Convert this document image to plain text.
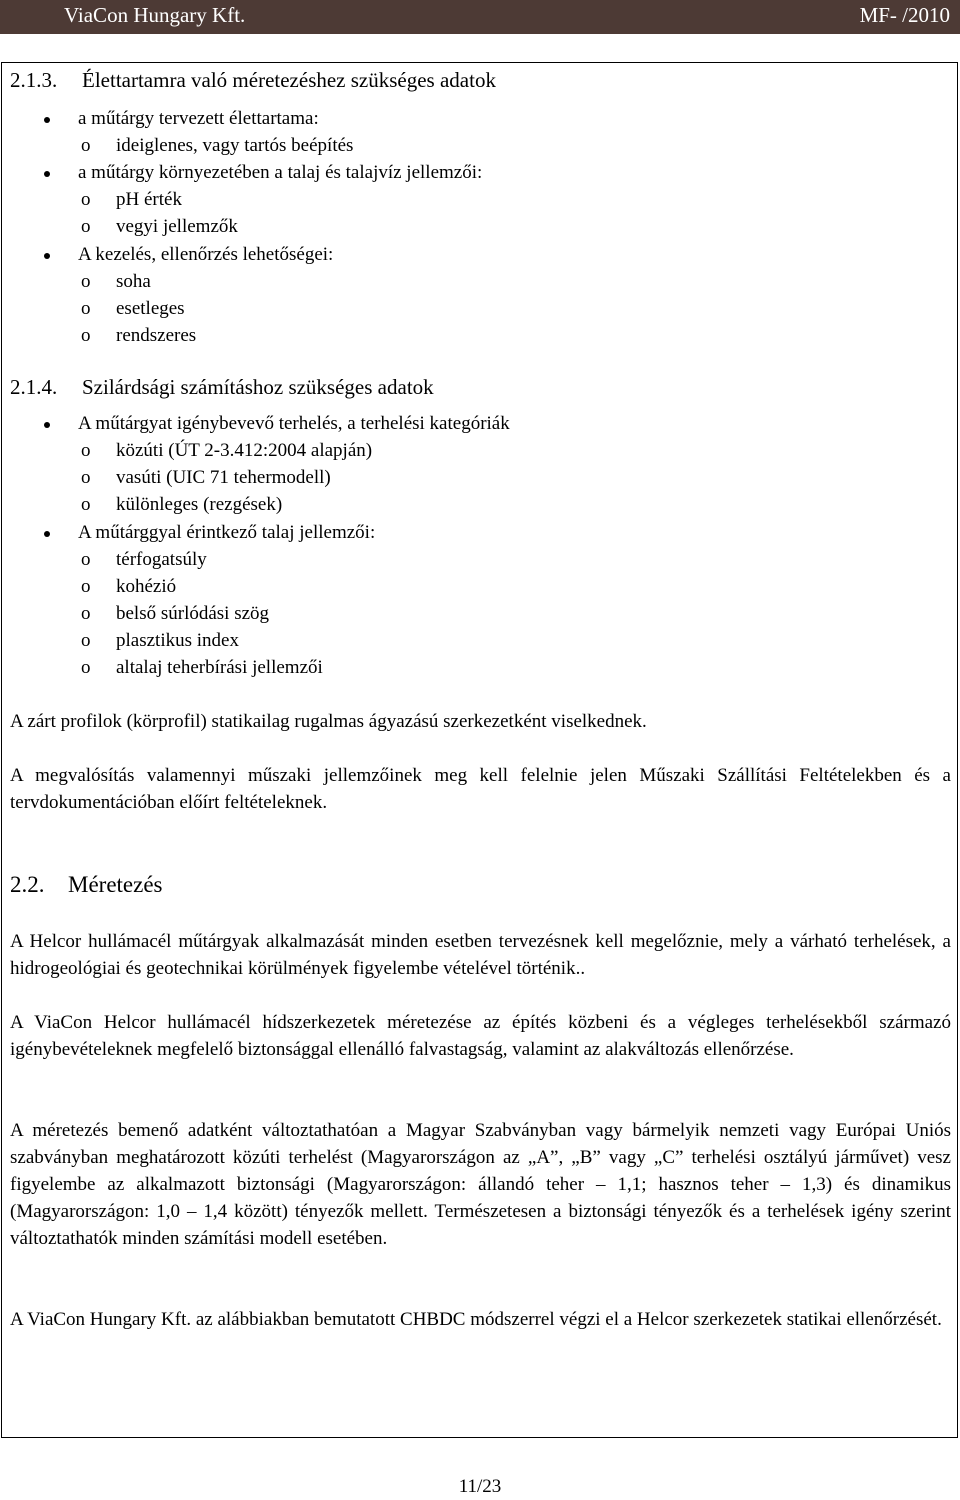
ViaCon Hungary Kft.	MF- /2010
2.1.3. Élettartamra való méretezéshez szükséges adatok
a műtárgy tervezett élettartama:
o ideiglenes, vagy tartós beépítés
a műtárgy környezetében a talaj és talajvíz jellemzői:
o pH érték
o vegyi jellemzők
A kezelés, ellenőrzés lehetőségei:
o soha
o esetleges
o rendszeres
2.1.4. Szilárdsági számításhoz szükséges adatok
A műtárgyat igénybevevő terhelés, a terhelési kategóriák
o közúti (ÚT 2-3.412:2004 alapján)
o vasúti (UIC 71 tehermodell)
o különleges (rezgések)
A műtárggyal érintkező talaj jellemzői:
o térfogatsúly
o kohézió
o belső súrlódási szög
o plasztikus index
o altalaj teherbírási jellemzői
A zárt profilok (körprofil) statikailag rugalmas ágyazású szerkezetként viselkednek.
A megvalósítás valamennyi műszaki jellemzőinek meg kell felelnie jelen Műszaki Szállítási Feltételekben és a tervdokumentációban előírt feltételeknek.
2.2. Méretezés
A Helcor hullámacél műtárgyak alkalmazását minden esetben tervezésnek kell megelőznie, mely a várható terhelések, a hidrogeológiai és geotechnikai körülmények figyelembe vételével történik..
A ViaCon Helcor hullámacél hídszerkezetek méretezése az építés közbeni és a végleges terhelésekből származó igénybevételeknek megfelelő biztonsággal ellenálló falvastagság, valamint az alakváltozás ellenőrzése.
A méretezés bemenő adatként változtathatóan a Magyar Szabványban vagy bármelyik nemzeti vagy Európai Uniós szabványban meghatározott közúti terhelést (Magyarországon az „A”, „B” vagy „C” terhelési osztályú járművet) vesz figyelembe az alkalmazott biztonsági (Magyarországon: állandó teher – 1,1; hasznos teher – 1,3) és dinamikus (Magyarországon: 1,0 – 1,4 között) tényezők mellett. Természetesen a biztonsági tényezők és a terhelések igény szerint változtathatók minden számítási modell esetében.
A ViaCon Hungary Kft. az alábbiakban bemutatott CHBDC módszerrel végzi el a Helcor szerkezetek statikai ellenőrzését.
11/23
